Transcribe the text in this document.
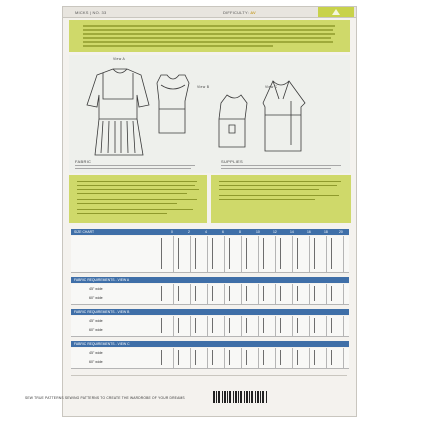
MICKS | NO. 33	DIFFICULTY: AV
View A
View B	View C
FABRIC	SUPPLIES
SIZE CHART	0	2	4	6	8	10	12	14	16	18	20
FABRIC REQUIREMENTS - VIEW A
45" wide
60" wide
FABRIC REQUIREMENTS - VIEW B
45" wide
60" wide
FABRIC REQUIREMENTS - VIEW C
45" wide
60" wide
SEW TRUE PATTERNS SEWING PATTERNS TO CREATE THE WARDROBE OF YOUR DREAMS
